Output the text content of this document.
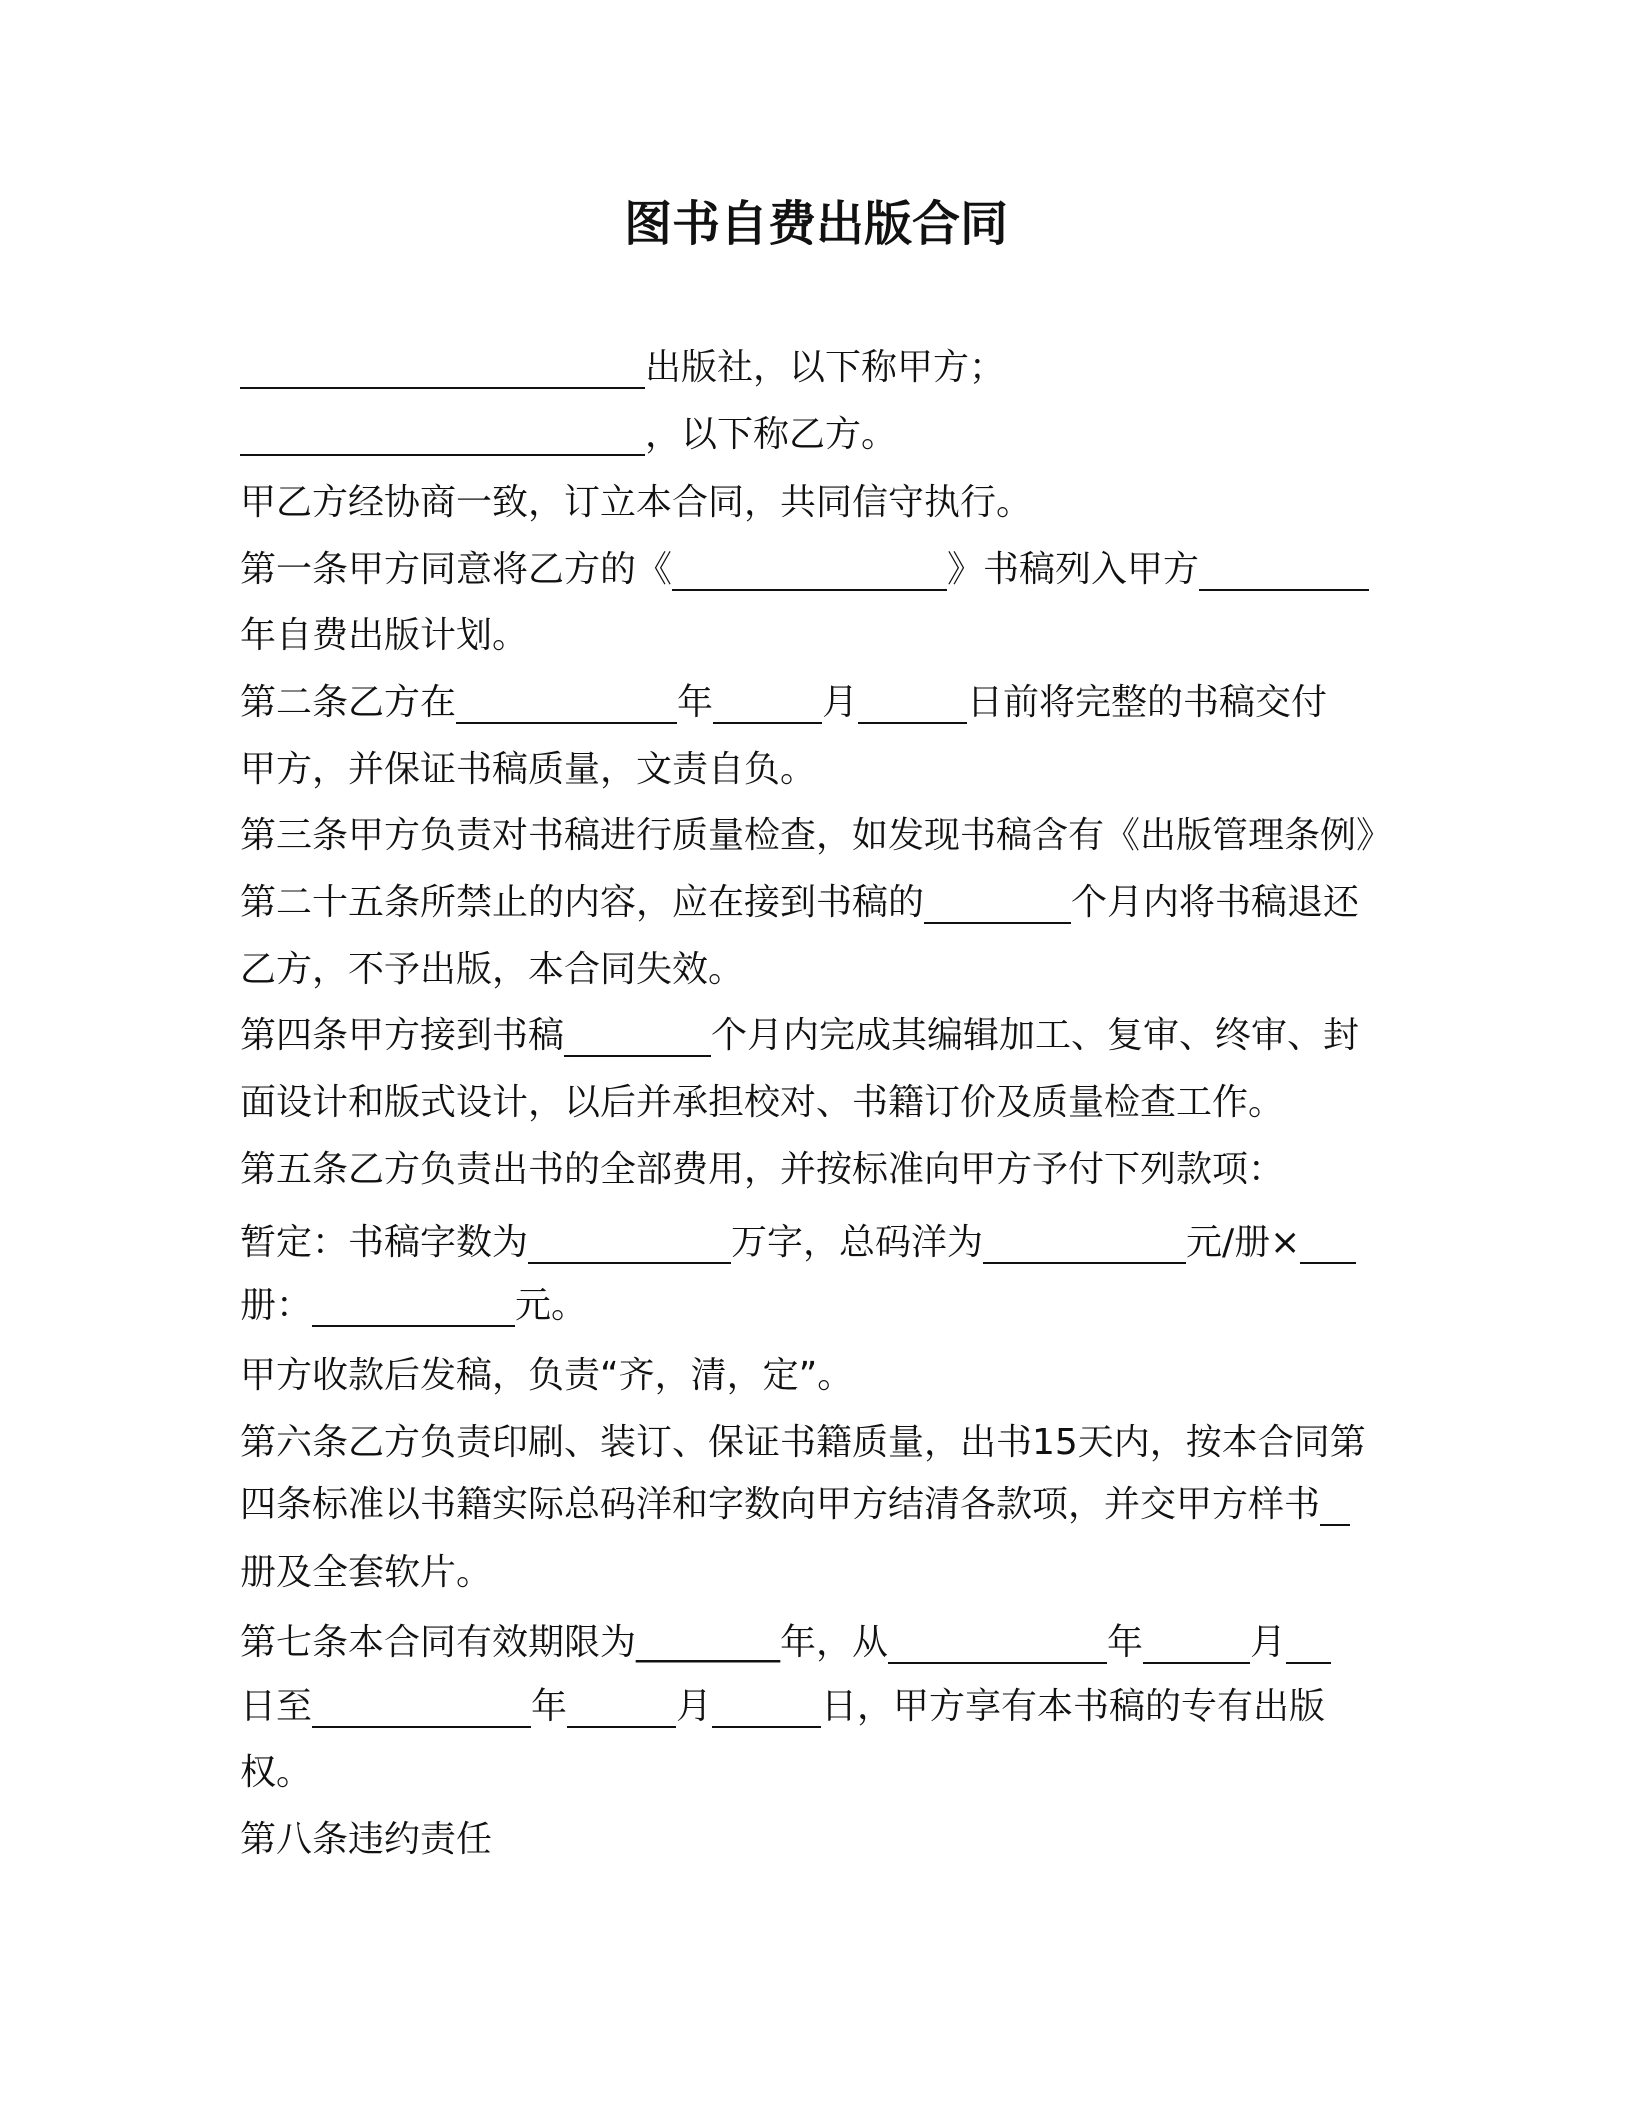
图书自费出版合同
出版社，以下称甲方；
，以下称乙方。
甲乙方经协商一致，订立本合同，共同信守执行。
第一条甲方同意将乙方的《	》书稿列入甲方
年自费出版计划。
第二条乙方在	年	月	日前将完整的书稿交付
甲方，并保证书稿质量，文责自负。
第三条甲方负责对书稿进行质量检查，如发现书稿含有《出版管理条例》
第二十五条所禁止的内容，应在接到书稿的	个月内将书稿退还
乙方，不予出版，本合同失效。
第四条甲方接到书稿	个月内完成其编辑加工、复审、终审、封
面设计和版式设计，以后并承担校对、书籍订价及质量检查工作。
第五条乙方负责出书的全部费用，并按标准向甲方予付下列款项：
暂定：书稿字数为	万字，总码洋为	元/册×
册：	元。
甲方收款后发稿，负责“齐，清，定”。
第六条乙方负责印刷、装订、保证书籍质量，出书15天内，按本合同第
四条标准以书籍实际总码洋和字数向甲方结清各款项，并交甲方样书
册及全套软片。
第七条本合同有效期限为________年，从	年	月
日至	年	月	日，甲方享有本书稿的专有出版
权。
第八条违约责任
